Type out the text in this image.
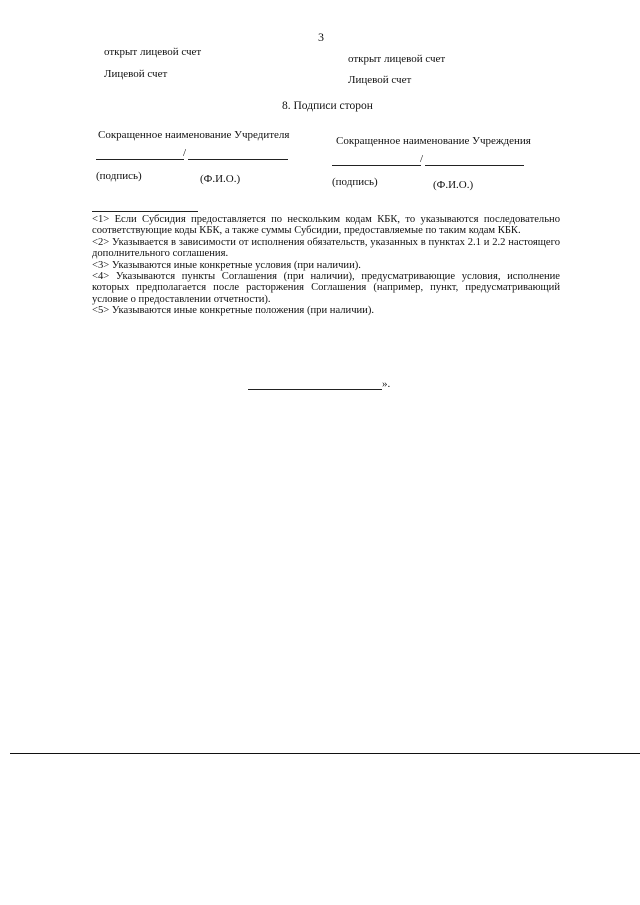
3
открыт лицевой счет
Лицевой счет
открыт лицевой счет
Лицевой счет
8. Подписи сторон
Сокращенное наименование Учредителя
/
(подпись)	(Ф.И.О.)
Сокращенное наименование Учреждения
/
(подпись)	(Ф.И.О.)

<1> Если Субсидия предоставляется по нескольким кодам КБК, то указываются последовательно соответствующие коды КБК, а также суммы Субсидии, предоставляемые по таким кодам КБК.

<2> Указывается в зависимости от исполнения обязательств, указанных в пунктах 2.1 и 2.2 настоящего дополнительного соглашения.

<3> Указываются иные конкретные условия (при наличии).

<4> Указываются пункты Соглашения (при наличии), предусматривающие условия, исполнение которых предполагается после расторжения Соглашения (например, пункт, предусматривающий условие о предоставлении отчетности).

<5> Указываются иные конкретные положения (при наличии).

».
